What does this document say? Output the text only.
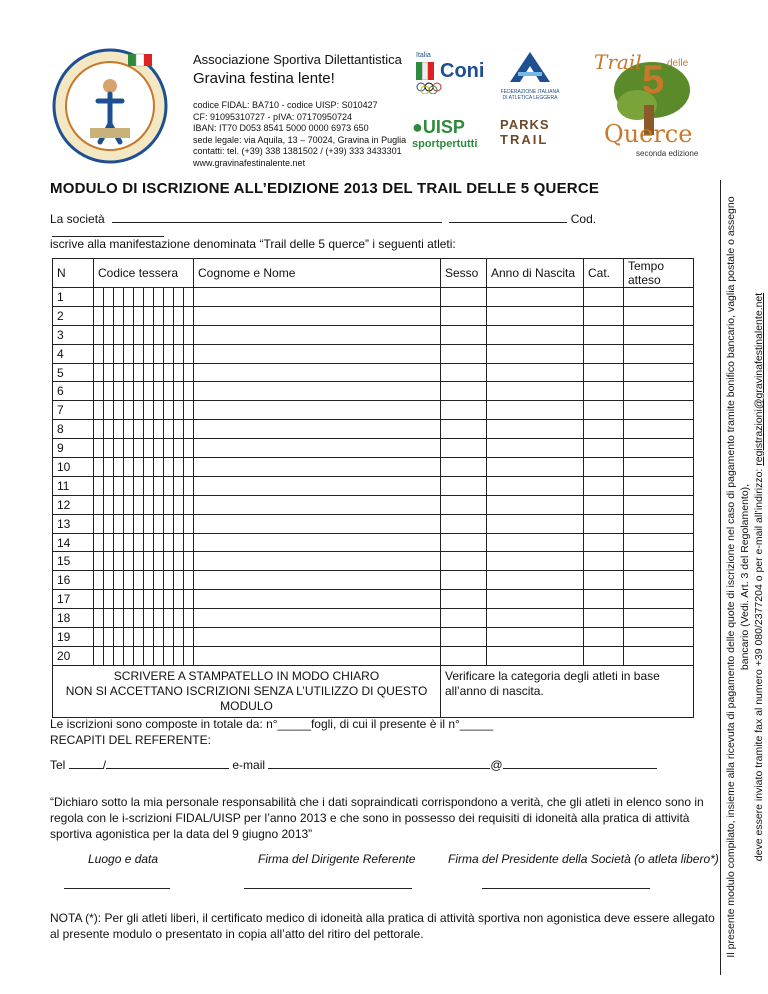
Associazione Sportiva Dilettantistica
Gravina festina lente!
codice FIDAL: BA710 - codice UISP: S010427
CF: 91095310727 - pIVA: 07170950724
IBAN: IT70 D053 8541 5000 0000 6973 650
sede legale: via Aquila, 13 – 70024, Gravina in Puglia
contatti: tel. (+39) 338 1381502 / (+39) 333 3433301
www.gravinafestinalente.net
Italia
Coni
FEDERAZIONE ITALIANA
DI ATLETICA LEGGERA
●UISP
sportpertutti
PARKS
TRAIL
Trail	delle
5
Querce
seconda edizione
MODULO DI ISCRIZIONE ALL’EDIZIONE 2013 DEL TRAIL DELLE 5 QUERCE
La società	Cod.
iscrive alla manifestazione denominata “Trail delle 5 querce” i seguenti atleti:
N	Codice tessera										Cognome e Nome	Sesso	Anno di Nascita	Cat.	Tempo atteso
1															
2															
3															
4															
5															
6															
7															
8															
9															
10															
11															
12															
13															
14															
15															
16															
17															
18															
19															
20															

SCRIVERE A STAMPATELLO IN MODO CHIARO
NON SI ACCETTANO ISCRIZIONI SENZA L’UTILIZZO DI QUESTO MODULO												Verificare la categoria degli atleti in base all’anno di nascita.			
Le iscrizioni sono composte in totale da: n°_____fogli, di cui il presente è il n°_____
RECAPITI DEL REFERENTE:
Tel	/	e-mail	@
“Dichiaro sotto la mia personale responsabilità che i dati sopraindicati corrispondono a verità, che gli atleti in elenco sono in regola con le i-scrizioni FIDAL/UISP per l’anno 2013 e che sono in possesso dei requisiti di idoneità alla pratica di attività sportiva agonistica per la data del 9 giugno 2013”
Luogo e data	Firma del Dirigente Referente	Firma del Presidente della Società (o atleta libero*)
NOTA (*): Per gli atleti liberi, il certificato medico di idoneità alla pratica di attività sportiva non agonistica deve essere allegato al presente modulo o presentato in copia all’atto del ritiro del pettorale.	Il presente modulo compilato, insieme alla ricevuta di pagamento delle quote di iscrizione nel caso di pagamento tramite bonifico bancario, vaglia postale o assegno bancario (Vedi. Art. 3 del Regolamento), deve essere inviato tramite fax al numero +39 080/2377204 o per e-mail all’indirizzo: registrazioni@gravinafestinalente.net
